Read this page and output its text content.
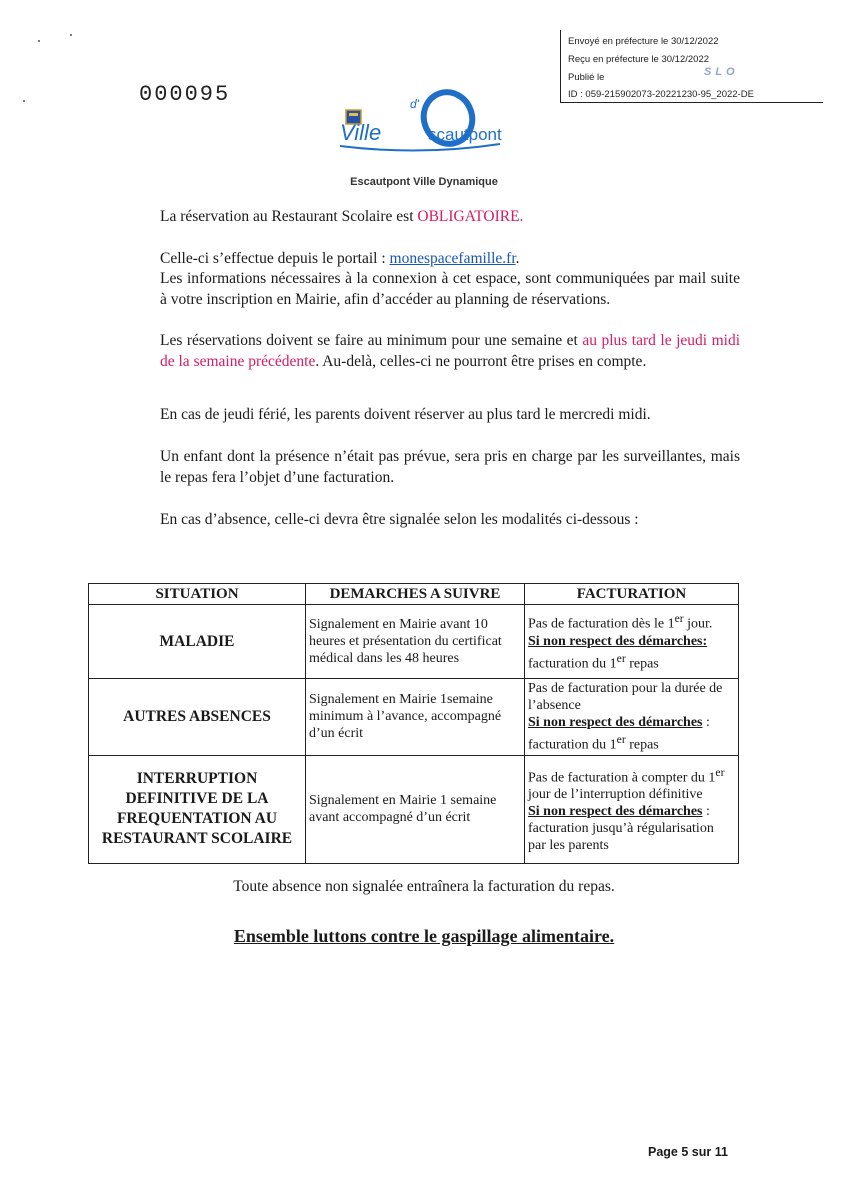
Envoyé en préfecture le 30/12/2022
Reçu en préfecture le 30/12/2022
Publié le
ID : 059-215902073-20221230-95_2022-DE
SLO
000095
Ville
d'
scautpont
Escautpont Ville Dynamique

La réservation au Restaurant Scolaire est OBLIGATOIRE.

Celle-ci s’effectue depuis le portail : monespacefamille.fr.

Les informations nécessaires à la connexion à cet espace, sont communiquées par mail suite à votre inscription en Mairie, afin d’accéder au planning de réservations.

Les réservations doivent se faire au minimum pour une semaine et au plus tard le jeudi midi de la semaine précédente. Au-delà, celles-ci ne pourront être prises en compte.

En cas de jeudi férié, les parents doivent réserver au plus tard le mercredi midi.

Un enfant dont la présence n’était pas prévue, sera pris en charge par les surveillantes, mais le repas fera l’objet d’une facturation.

En cas d’absence, celle-ci devra être signalée selon les modalités ci-dessous :

SITUATION	DEMARCHES A SUIVRE	FACTURATION
MALADIE	Signalement en Mairie avant 10 heures et présentation du certificat médical dans les 48 heures	Pas de facturation dès le 1er jour.
Si non respect des démarches:
facturation du 1er repas
AUTRES ABSENCES	Signalement en Mairie 1semaine minimum à l’avance, accompagné d’un écrit	Pas de facturation pour la durée de l’absence
Si non respect des démarches :
facturation du 1er repas
INTERRUPTION DEFINITIVE DE LA FREQUENTATION AU RESTAURANT SCOLAIRE	Signalement en Mairie 1 semaine avant accompagné d’un écrit	Pas de facturation à compter du 1er jour de l’interruption définitive
Si non respect des démarches :
facturation jusqu’à régularisation par les parents
Toute absence non signalée entraînera la facturation du repas.
Ensemble luttons contre le gaspillage alimentaire.
Page 5 sur 11
